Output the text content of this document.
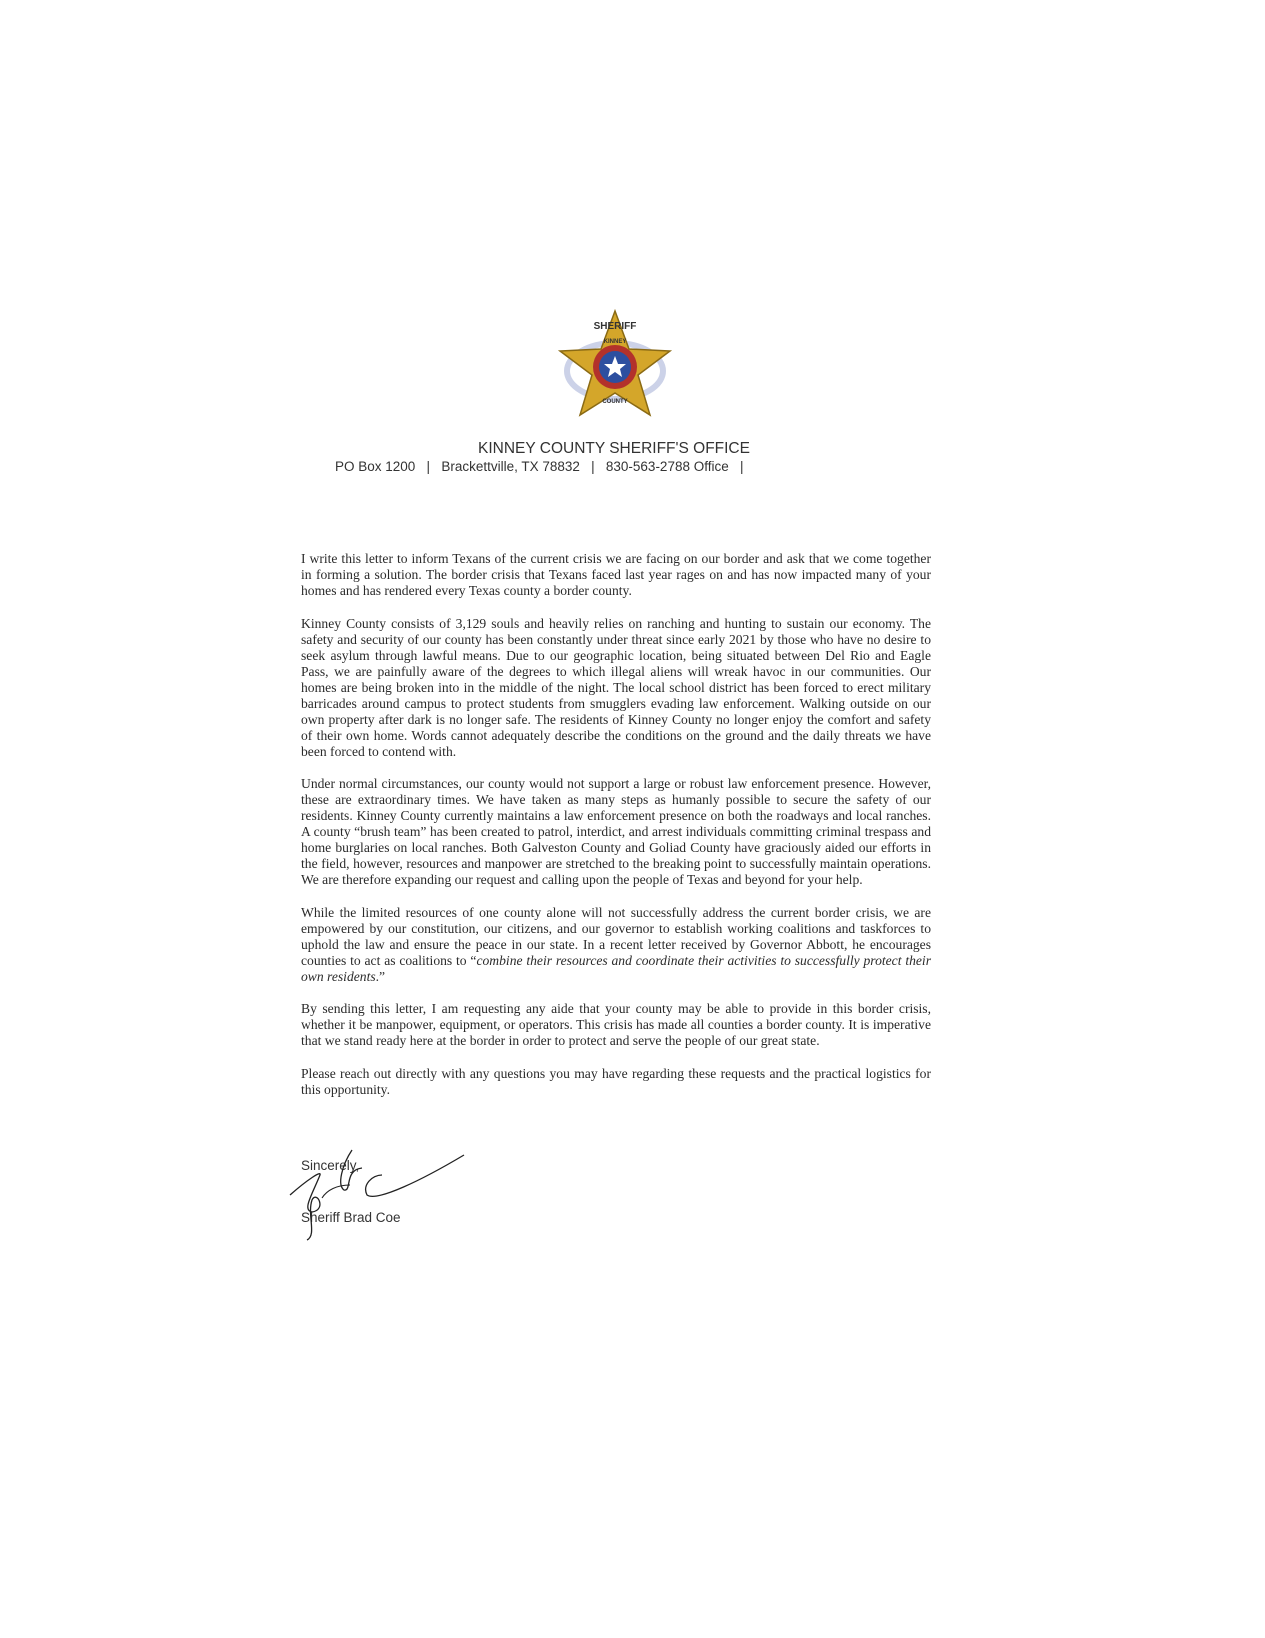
SHERIFF
KINNEY
COUNTY
KINNEY COUNTY SHERIFF'S OFFICE
PO Box 1200   |   Brackettville, TX 78832   |   830-563-2788 Office   |

I write this letter to inform Texans of the current crisis we are facing on our border and ask that we come together in forming a solution. The border crisis that Texans faced last year rages on and has now impacted many of your homes and has rendered every Texas county a border county.

Kinney County consists of 3,129 souls and heavily relies on ranching and hunting to sustain our economy. The safety and security of our county has been constantly under threat since early 2021 by those who have no desire to seek asylum through lawful means. Due to our geographic location, being situated between Del Rio and Eagle Pass, we are painfully aware of the degrees to which illegal aliens will wreak havoc in our communities. Our homes are being broken into in the middle of the night. The local school district has been forced to erect military barricades around campus to protect students from smugglers evading law enforcement. Walking outside on our own property after dark is no longer safe. The residents of Kinney County no longer enjoy the comfort and safety of their own home. Words cannot adequately describe the conditions on the ground and the daily threats we have been forced to contend with.

Under normal circumstances, our county would not support a large or robust law enforcement presence. However, these are extraordinary times. We have taken as many steps as humanly possible to secure the safety of our residents. Kinney County currently maintains a law enforcement presence on both the roadways and local ranches. A county “brush team” has been created to patrol, interdict, and arrest individuals committing criminal trespass and home burglaries on local ranches. Both Galveston County and Goliad County have graciously aided our efforts in the field, however, resources and manpower are stretched to the breaking point to successfully maintain operations. We are therefore expanding our request and calling upon the people of Texas and beyond for your help.

While the limited resources of one county alone will not successfully address the current border crisis, we are empowered by our constitution, our citizens, and our governor to establish working coalitions and taskforces to uphold the law and ensure the peace in our state. In a recent letter received by Governor Abbott, he encourages counties to act as coalitions to “combine their resources and coordinate their activities to successfully protect their own residents.”

By sending this letter, I am requesting any aide that your county may be able to provide in this border crisis, whether it be manpower, equipment, or operators. This crisis has made all counties a border county. It is imperative that we stand ready here at the border in order to protect and serve the people of our great state.

Please reach out directly with any questions you may have regarding these requests and the practical logistics for this opportunity.

Sincerely,
Sheriff Brad Coe
